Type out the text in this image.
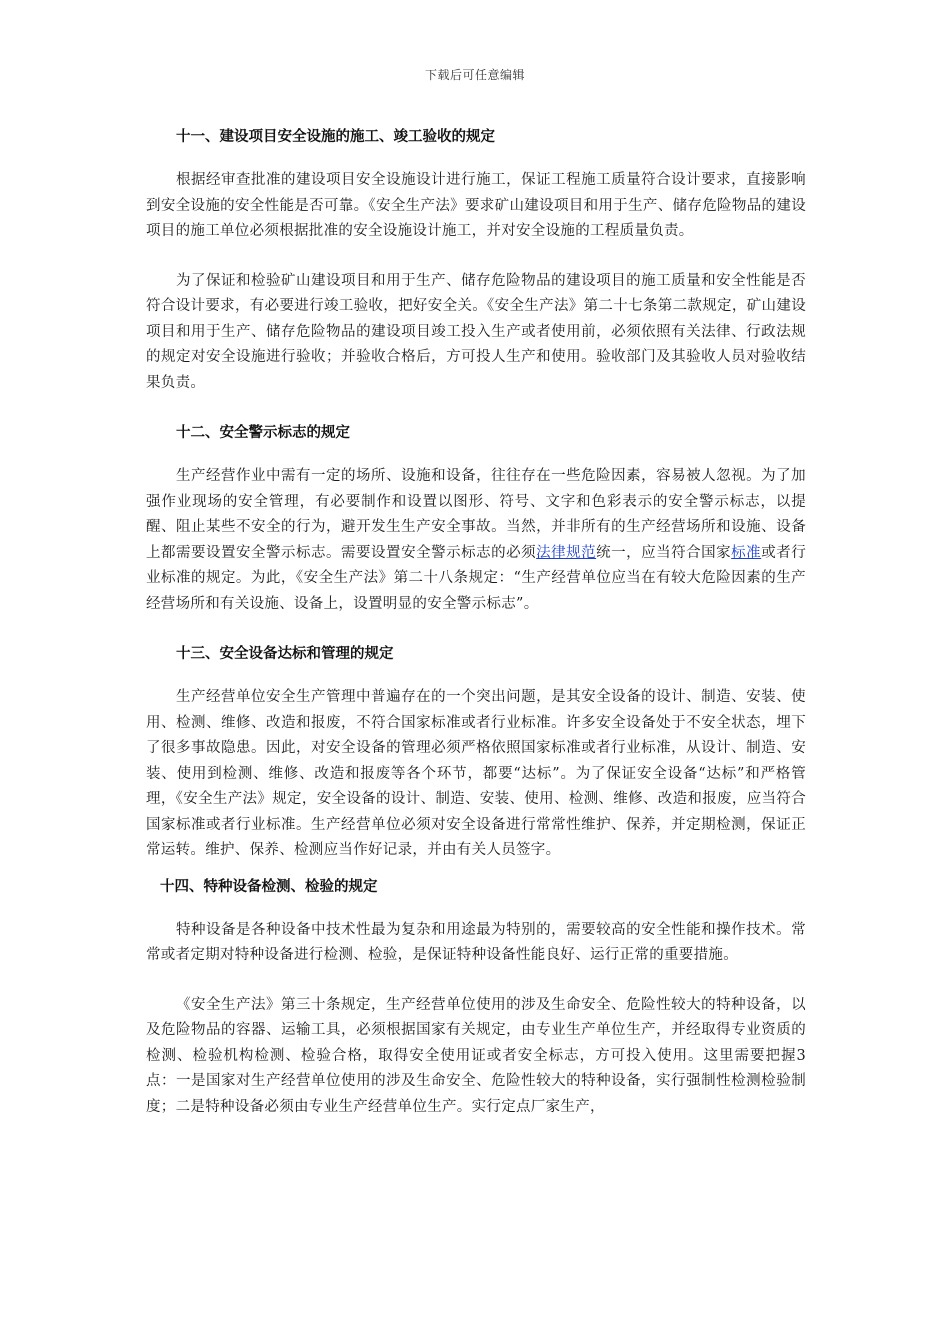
下载后可任意编辑
十一、建设项目安全设施的施工、竣工验收的规定

根据经审查批准的建设项目安全设施设计进行施工，保证工程施工质量符合设计要求，直接影响到安全设施的安全性能是否可靠。《安全生产法》要求矿山建设项目和用于生产、储存危险物品的建设项目的施工单位必须根据批准的安全设施设计施工，并对安全设施的工程质量负责。

为了保证和检验矿山建设项目和用于生产、储存危险物品的建设项目的施工质量和安全性能是否符合设计要求，有必要进行竣工验收，把好安全关。《安全生产法》第二十七条第二款规定，矿山建设项目和用于生产、储存危险物品的建设项目竣工投入生产或者使用前，必须依照有关法律、行政法规的规定对安全设施进行验收；并验收合格后，方可投人生产和使用。验收部门及其验收人员对验收结果负责。

十二、安全警示标志的规定

生产经营作业中需有一定的场所、设施和设备，往往存在一些危险因素，容易被人忽视。为了加强作业现场的安全管理，有必要制作和设置以图形、符号、文字和色彩表示的安全警示标志，以提醒、阻止某些不安全的行为，避开发生生产安全事故。当然，并非所有的生产经营场所和设施、设备上都需要设置安全警示标志。需要设置安全警示标志的必须法律规范统一，应当符合国家标准或者行业标准的规定。为此，《安全生产法》第二十八条规定：“生产经营单位应当在有较大危险因素的生产经营场所和有关设施、设备上，设置明显的安全警示标志”。

十三、安全设备达标和管理的规定

生产经营单位安全生产管理中普遍存在的一个突出问题，是其安全设备的设计、制造、安装、使用、检测、维修、改造和报废，不符合国家标准或者行业标准。许多安全设备处于不安全状态，埋下了很多事故隐患。因此，对安全设备的管理必须严格依照国家标准或者行业标准，从设计、制造、安装、使用到检测、维修、改造和报废等各个环节，都要“达标”。为了保证安全设备“达标”和严格管理，《安全生产法》规定，安全设备的设计、制造、安装、使用、检测、维修、改造和报废，应当符合国家标准或者行业标准。生产经营单位必须对安全设备进行常常性维护、保养，并定期检测，保证正常运转。维护、保养、检测应当作好记录，并由有关人员签字。

十四、特种设备检测、检验的规定

特种设备是各种设备中技术性最为复杂和用途最为特别的，需要较高的安全性能和操作技术。常常或者定期对特种设备进行检测、检验，是保证特种设备性能良好、运行正常的重要措施。

《安全生产法》第三十条规定，生产经营单位使用的涉及生命安全、危险性较大的特种设备，以及危险物品的容器、运输工具，必须根据国家有关规定，由专业生产单位生产，并经取得专业资质的检测、检验机构检测、检验合格，取得安全使用证或者安全标志，方可投入使用。这里需要把握3点：一是国家对生产经营单位使用的涉及生命安全、危险性较大的特种设备，实行强制性检测检验制度；二是特种设备必须由专业生产经营单位生产。实行定点厂家生产，
